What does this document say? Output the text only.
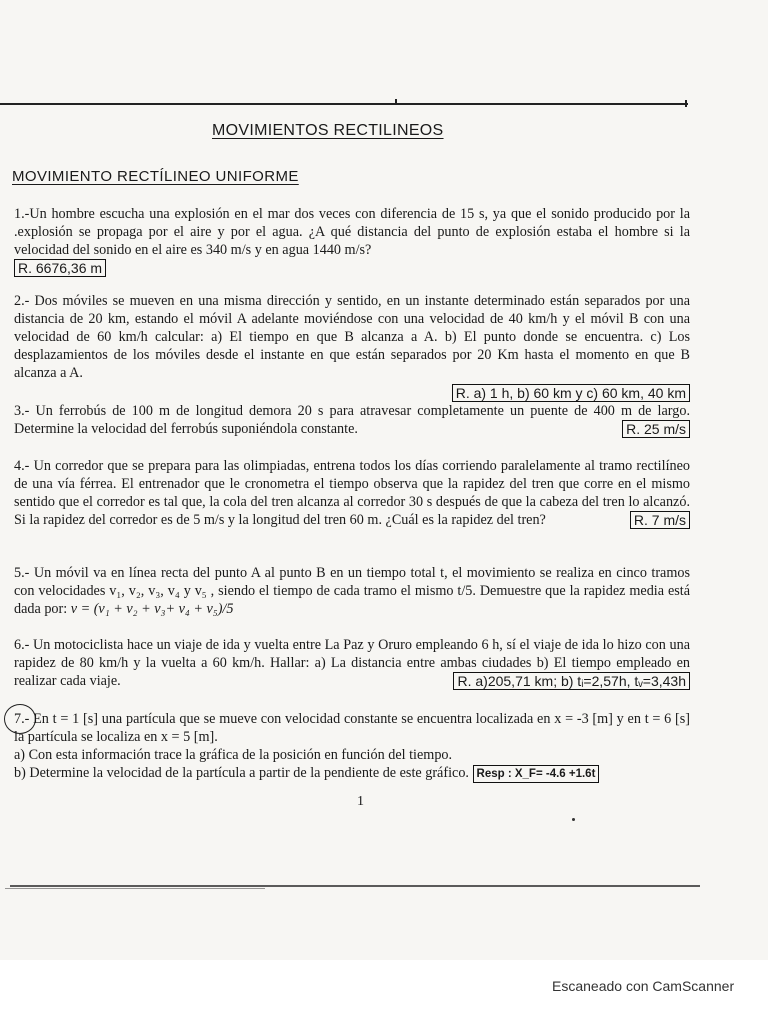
MOVIMIENTOS RECTILINEOS
MOVIMIENTO RECTÍLINEO UNIFORME

1.-Un hombre escucha una explosión en el mar dos veces con diferencia de 15 s, ya que el sonido producido por la .explosión se propaga por el aire y por el agua. ¿A qué distancia del punto de explosión estaba el hombre si la velocidad del sonido en el aire es 340 m/s y en agua 1440 m/s?

R. 6676,36 m

2.- Dos móviles se mueven en una misma dirección y sentido, en un instante determinado están separados por una distancia de 20 km, estando el móvil A adelante moviéndose con una velocidad de 40 km/h y el móvil B con una velocidad de 60 km/h calcular: a) El tiempo en que B alcanza a A. b) El punto donde se encuentra. c) Los desplazamientos de los móviles desde el instante en que están separados por 20 Km hasta el momento en que B alcanza a A.

R. a) 1 h, b) 60 km y c) 60 km, 40 km

3.- Un ferrobús de 100 m de longitud demora 20 s para atravesar completamente un puente de 400 m de largo. Determine la velocidad del ferrobús suponiéndola constante.	R. 25 m/s

4.- Un corredor que se prepara para las olimpiadas, entrena todos los días corriendo paralelamente al tramo rectilíneo de una vía férrea. El entrenador que le cronometra el tiempo observa que la rapidez del tren que corre en el mismo sentido que el corredor es tal que, la cola del tren alcanza al corredor 30 s después de que la cabeza del tren lo alcanzó. Si la rapidez del corredor es de 5 m/s y la longitud del tren 60 m. ¿Cuál es la rapidez del tren?	R. 7 m/s

5.- Un móvil va en línea recta del punto A al punto B en un tiempo total t, el movimiento se realiza en cinco tramos con velocidades v₁, v₂, v₃, v₄ y v₅ , siendo el tiempo de cada tramo el mismo t/5. Demuestre que la rapidez media está dada por: v = (v₁ + v₂ + v₃+ v₄ + v₅)/5

6.- Un motociclista hace un viaje de ida y vuelta entre La Paz y Oruro empleando 6 h, sí el viaje de ida lo hizo con una rapidez de 80 km/h y la vuelta a 60 km/h. Hallar: a) La distancia entre ambas ciudades b) El tiempo empleado en realizar cada viaje.	R. a)205,71 km; b) tᵢ=2,57h, tᵥ=3,43h

7.- En t = 1 [s] una partícula que se mueve con velocidad constante se encuentra localizada en x = -3 [m] y en t = 6 [s] la partícula se localiza en x = 5 [m].

a) Con esta información trace la gráfica de la posición en función del tiempo.

b) Determine la velocidad de la partícula a partir de la pendiente de este gráfico. Resp : X_F= -4.6 +1.6t

1
Escaneado con CamScanner
